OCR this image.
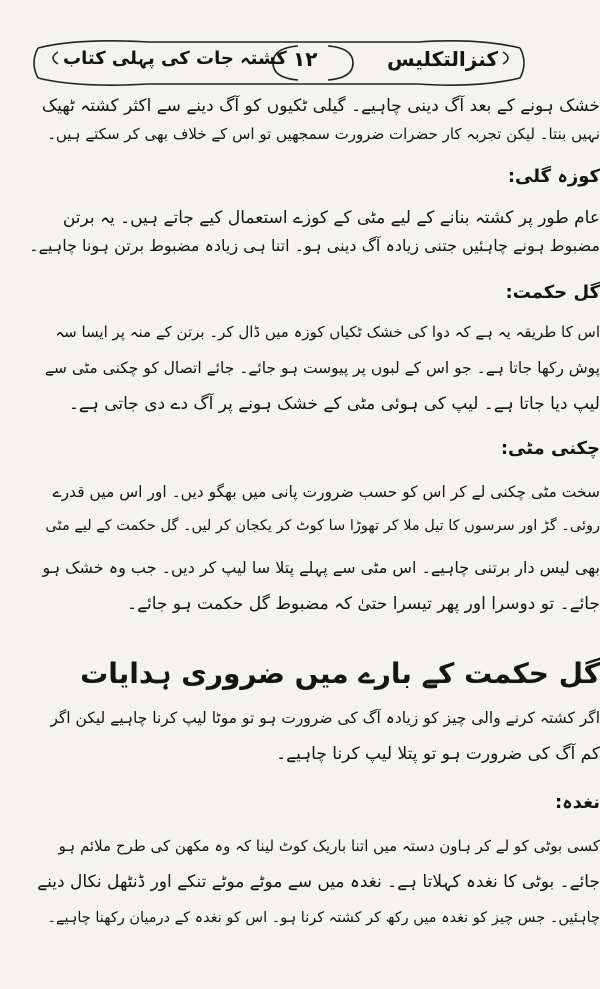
کنزالتکلیس
۱۲
کشتہ جات کی پہلی کتاب
خشک ہونے کے بعد آگ دینی چاہیے۔ گیلی ٹکیوں کو آگ دینے سے اکثر کشتہ ٹھیک
نہیں بنتا۔ لیکن تجربہ کار حضرات ضرورت سمجھیں تو اس کے خلاف بھی کر سکتے ہیں۔
کوزہ گلی:
عام طور پر کشتہ بنانے کے لیے مٹی کے کوزے استعمال کیے جاتے ہیں۔ یہ برتن
مضبوط ہونے چاہئیں جتنی زیادہ آگ دینی ہو۔ اتنا ہی زیادہ مضبوط برتن ہونا چاہیے۔
گل حکمت:
اس کا طریقہ یہ ہے کہ دوا کی خشک ٹکیاں کوزہ میں ڈال کر۔ برتن کے منہ پر ایسا سہ
پوش رکھا جاتا ہے۔ جو اس کے لبوں پر پیوست ہو جائے۔ جائے اتصال کو چکنی مٹی سے
لیپ دیا جاتا ہے۔ لیپ کی ہوئی مٹی کے خشک ہونے پر آگ دے دی جاتی ہے۔
چکنی مٹی:
سخت مٹی چکنی لے کر اس کو حسب ضرورت پانی میں بھگو دیں۔ اور اس میں قدرے
روئی۔ گڑ اور سرسوں کا تیل ملا کر تھوڑا سا کوٹ کر یکجان کر لیں۔ گل حکمت کے لیے مٹی
بھی لیس دار برتنی چاہیے۔ اس مٹی سے پہلے پتلا سا لیپ کر دیں۔ جب وہ خشک ہو
جائے۔ تو دوسرا اور پھر تیسرا حتیٰ کہ مضبوط گل حکمت ہو جائے۔
گل حکمت کے بارے میں ضروری ہدایات
اگر کشتہ کرنے والی چیز کو زیادہ آگ کی ضرورت ہو تو موٹا لیپ کرنا چاہیے لیکن اگر
کم آگ کی ضرورت ہو تو پتلا لیپ کرنا چاہیے۔
نغدہ:
کسی بوٹی کو لے کر ہاون دستہ میں اتنا باریک کوٹ لینا کہ وہ مکھن کی طرح ملائم ہو
جائے۔ بوٹی کا نغدہ کہلاتا ہے۔ نغدہ میں سے موٹے موٹے تنکے اور ڈنٹھل نکال دینے
چاہئیں۔ جس چیز کو نغدہ میں رکھ کر کشتہ کرنا ہو۔ اس کو نغدہ کے درمیان رکھنا چاہیے۔
